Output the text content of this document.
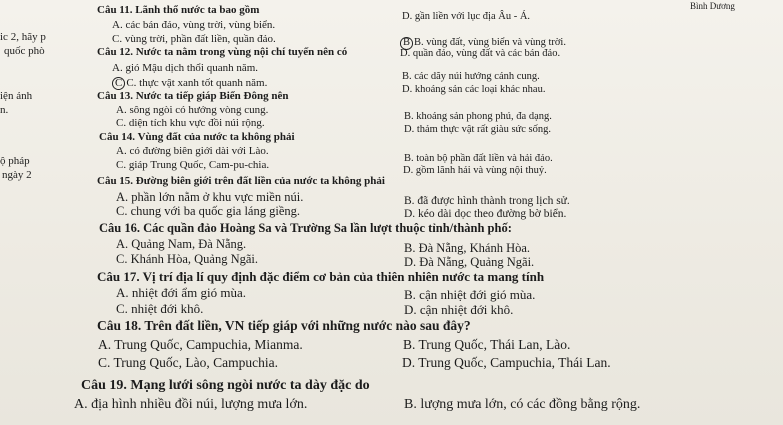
ic 2, hãy p
quốc phò
iện ảnh
n.
ộ pháp
ngày 2
Bình Dương
D. gần liền với lục địa Âu - Á.
Câu 11. Lãnh thổ nước ta bao gồm
A. các bán đảo, vùng trời, vùng biển.
B B. vùng đất, vùng biển và vùng trời.
C. vùng trời, phần đất liền, quần đảo.
D. quần đảo, vùng đất và các bán đảo.
Câu 12. Nước ta nằm trong vùng nội chí tuyến nên có
A. gió Mậu dịch thổi quanh năm.
B. các dãy núi hướng cánh cung.
C C. thực vật xanh tốt quanh năm.
D. khoáng sản các loại khác nhau.
Câu 13. Nước ta tiếp giáp Biển Đông nên
A. sông ngòi có hướng vòng cung.
B. khoáng sản phong phú, đa dạng.
C. diện tích khu vực đồi núi rộng.
D. thảm thực vật rất giàu sức sống.
Câu 14. Vùng đất của nước ta không phải
A. có đường biên giới dài với Lào.
B. toàn bộ phần đất liền và hải đảo.
C. giáp Trung Quốc, Cam-pu-chia.	D. gồm lãnh hải và vùng nội thuỷ.
Câu 15. Đường biên giới trên đất liền của nước ta không phải
A. phần lớn nằm ở khu vực miền núi.	B. đã được hình thành trong lịch sử.
C. chung với ba quốc gia láng giềng.	D. kéo dài dọc theo đường bờ biển.
Câu 16. Các quần đảo Hoàng Sa và Trường Sa lần lượt thuộc tỉnh/thành phố:
A. Quảng Nam, Đà Nẵng.	B. Đà Nẵng, Khánh Hòa.
C. Khánh Hòa, Quảng Ngãi.	D. Đà Nẵng, Quảng Ngãi.
Câu 17. Vị trí địa lí quy định đặc điểm cơ bản của thiên nhiên nước ta mang tính
A. nhiệt đới ẩm gió mùa.	B. cận nhiệt đới gió mùa.
C. nhiệt đới khô.	D. cận nhiệt đới khô.
Câu 18. Trên đất liền, VN tiếp giáp với những nước nào sau đây?
A. Trung Quốc, Campuchia, Mianma.	B. Trung Quốc, Thái Lan, Lào.
C. Trung Quốc, Lào, Campuchia.	D. Trung Quốc, Campuchia, Thái Lan.
Câu 19. Mạng lưới sông ngòi nước ta dày đặc do
A. địa hình nhiều đồi núi, lượng mưa lớn.	B. lượng mưa lớn, có các đồng bằng rộng.
